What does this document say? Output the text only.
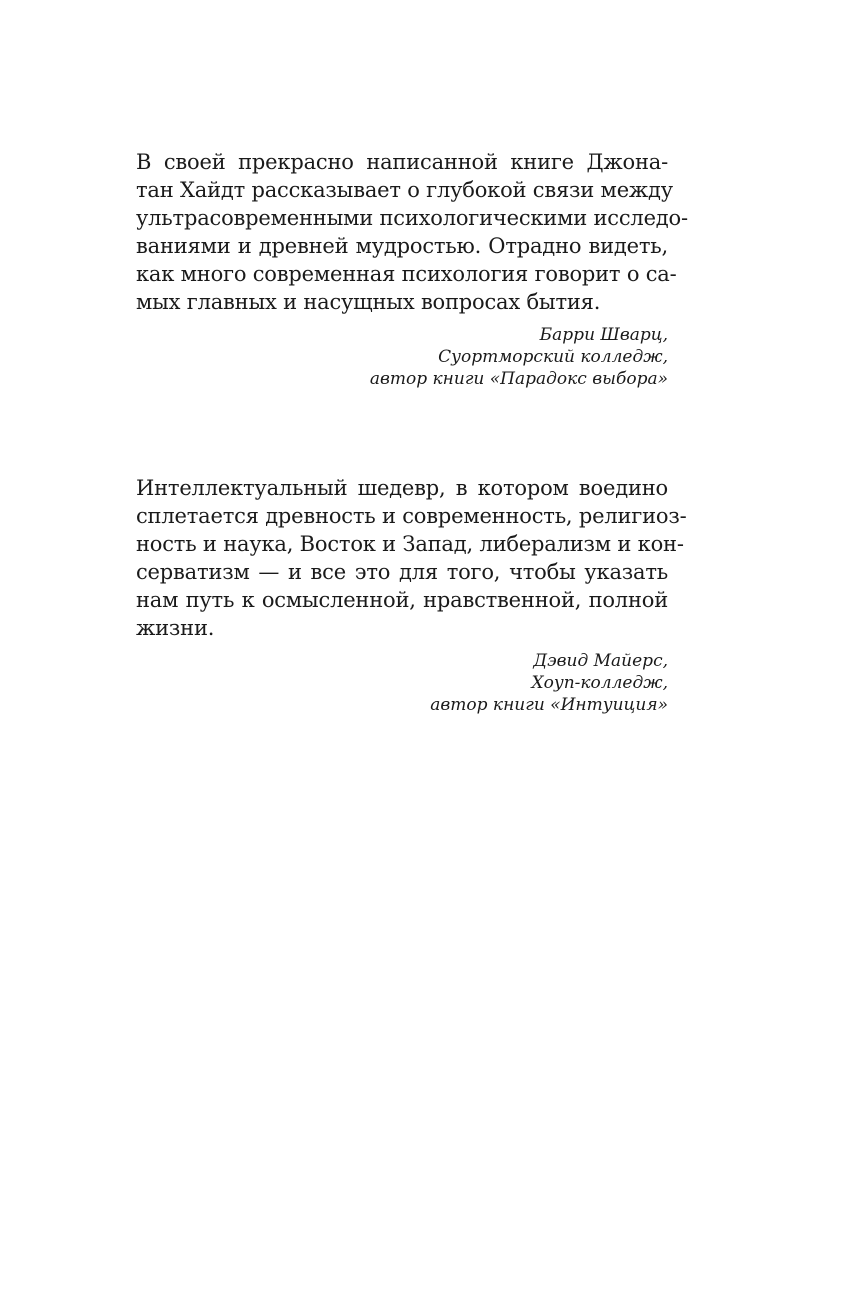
В своей прекрасно написанной книге Джона-
тан Хайдт рассказывает о глубокой связи между
ультрасовременными психологическими исследо-
ваниями и древней мудростью. Отрадно видеть,
как много современная психология говорит о са-
мых главных и насущных вопросах бытия.
Барри Шварц,
Суортморский колледж,
автор книги «Парадокс выбора»
Интеллектуальный шедевр, в котором воедино
сплетается древность и современность, религиоз-
ность и наука, Восток и Запад, либерализм и кон-
серватизм — и все это для того, чтобы указать
нам путь к осмысленной, нравственной, полной
жизни.
Дэвид Майерс,
Хоуп-колледж,
автор книги «Интуиция»
